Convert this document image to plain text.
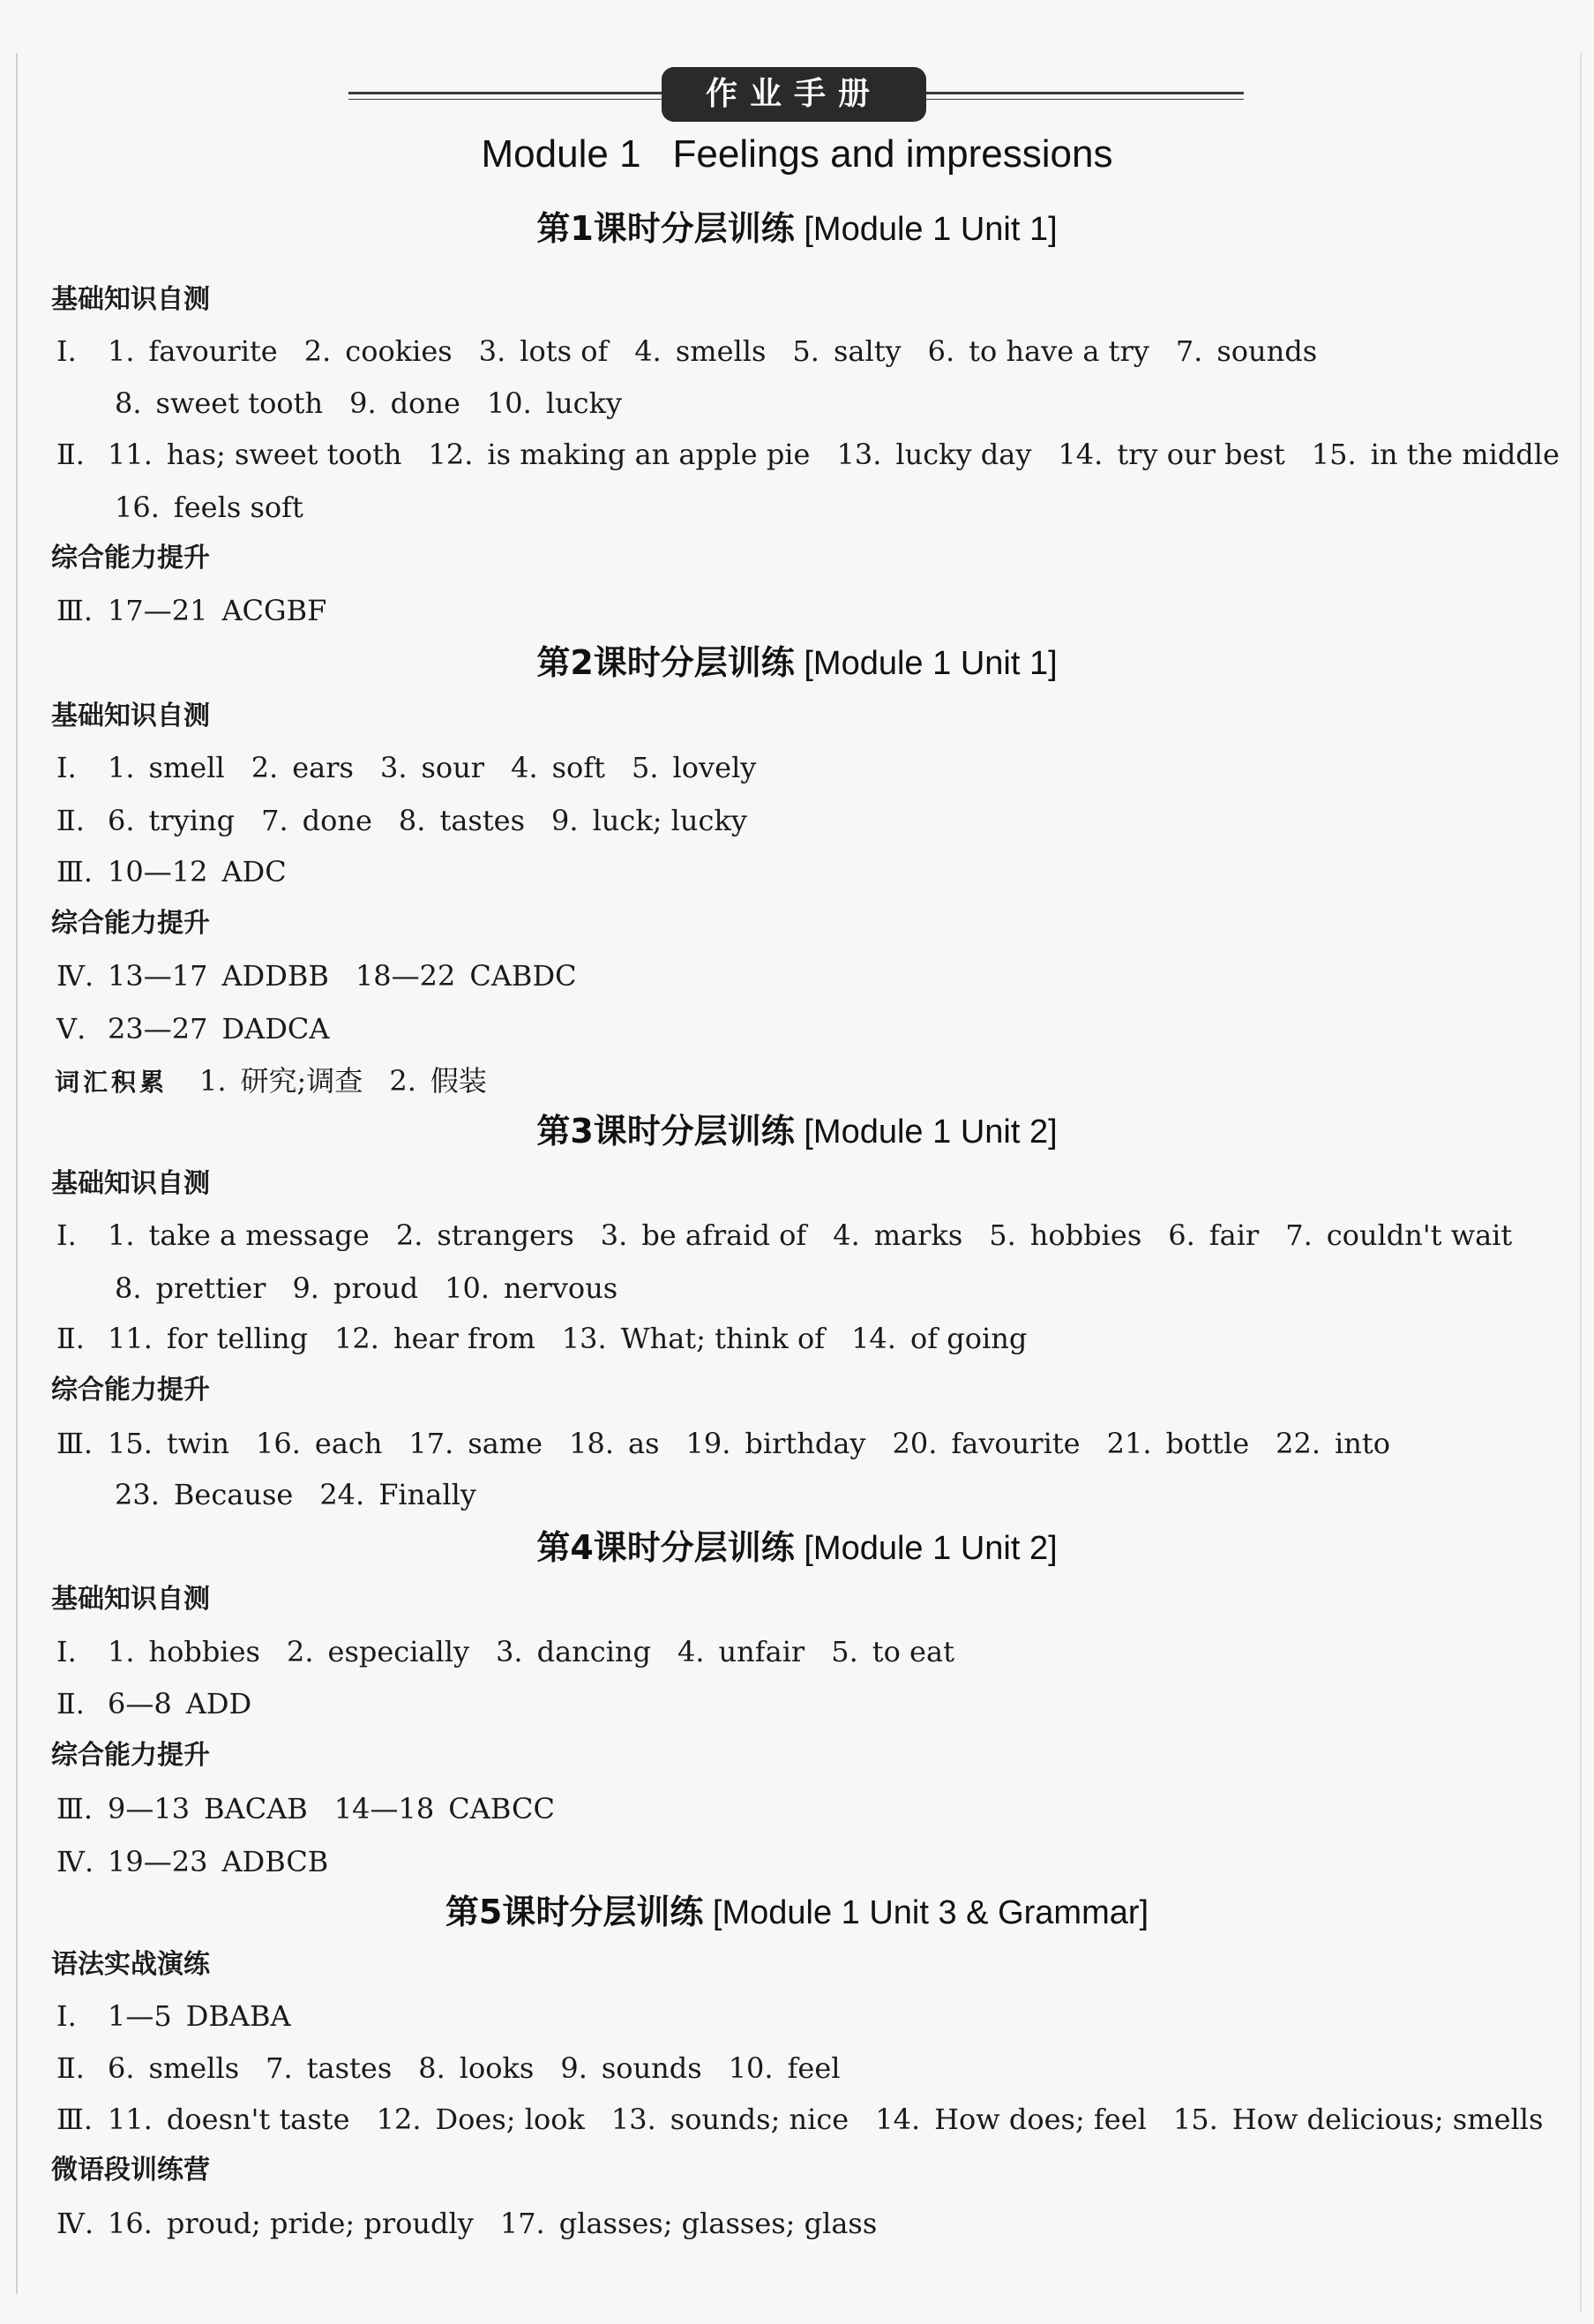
作业手册
Module 1 Feelings and impressions
第1课时分层训练 [Module 1 Unit 1]
基础知识自测
Ⅰ. 1. favourite 2. cookies 3. lots of 4. smells 5. salty 6. to have a try 7. sounds
8. sweet tooth 9. done 10. lucky
Ⅱ. 11. has; sweet tooth 12. is making an apple pie 13. lucky day 14. try our best 15. in the middle
16. feels soft
综合能力提升
Ⅲ. 17—21 ACGBF
第2课时分层训练 [Module 1 Unit 1]
基础知识自测
Ⅰ. 1. smell 2. ears 3. sour 4. soft 5. lovely
Ⅱ. 6. trying 7. done 8. tastes 9. luck; lucky
Ⅲ. 10—12 ADC
综合能力提升
Ⅳ. 13—17 ADDBB 18—22 CABDC
Ⅴ. 23—27 DADCA
词汇积累 1. 研究;调查 2. 假装
第3课时分层训练 [Module 1 Unit 2]
基础知识自测
Ⅰ. 1. take a message 2. strangers 3. be afraid of 4. marks 5. hobbies 6. fair 7. couldn't wait
8. prettier 9. proud 10. nervous
Ⅱ. 11. for telling 12. hear from 13. What; think of 14. of going
综合能力提升
Ⅲ. 15. twin 16. each 17. same 18. as 19. birthday 20. favourite 21. bottle 22. into
23. Because 24. Finally
第4课时分层训练 [Module 1 Unit 2]
基础知识自测
Ⅰ. 1. hobbies 2. especially 3. dancing 4. unfair 5. to eat
Ⅱ. 6—8 ADD
综合能力提升
Ⅲ. 9—13 BACAB 14—18 CABCC
Ⅳ. 19—23 ADBCB
第5课时分层训练 [Module 1 Unit 3 & Grammar]
语法实战演练
Ⅰ. 1—5 DBABA
Ⅱ. 6. smells 7. tastes 8. looks 9. sounds 10. feel
Ⅲ. 11. doesn't taste 12. Does; look 13. sounds; nice 14. How does; feel 15. How delicious; smells
微语段训练营
Ⅳ. 16. proud; pride; proudly 17. glasses; glasses; glass
